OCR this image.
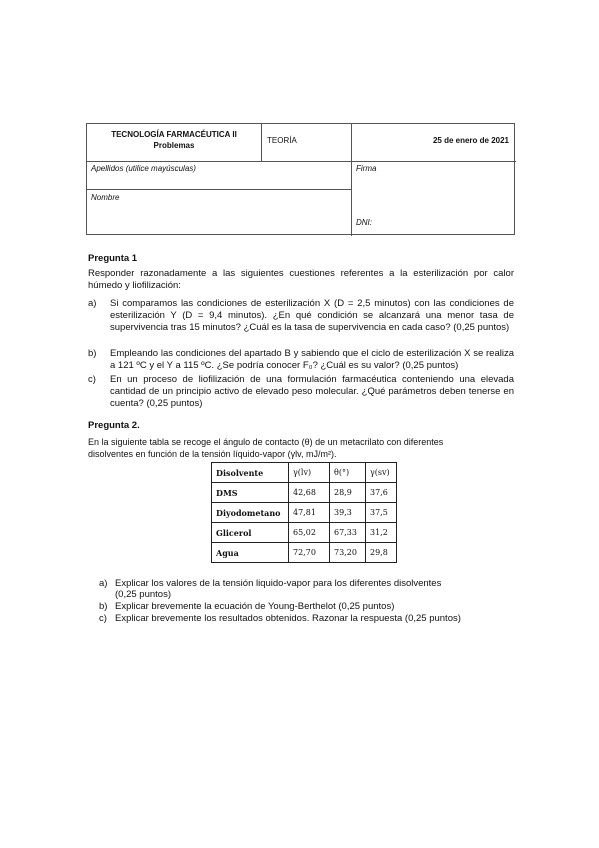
TECNOLOGÍA FARMACÉUTICA II
Problemas
TEORÍA	25 de enero de 2021
Apellidos (utilice mayúsculas)	Firma
Nombre
DNI:
Pregunta 1
Responder razonadamente a las siguientes cuestiones referentes a la esterilización por calor húmedo y liofilización:
a) Si comparamos las condiciones de esterilización X (D = 2,5 minutos) con las condiciones de esterilización Y (D = 9,4 minutos). ¿En qué condición se alcanzará una menor tasa de supervivencia tras 15 minutos? ¿Cuál es la tasa de supervivencia en cada caso? (0,25 puntos)
b) Empleando las condiciones del apartado B y sabiendo que el ciclo de esterilización X se realiza a 121 ºC y el Y a 115 ºC. ¿Se podría conocer F₀? ¿Cuál es su valor? (0,25 puntos)
c) En un proceso de liofilización de una formulación farmacéutica conteniendo una elevada cantidad de un principio activo de elevado peso molecular. ¿Qué parámetros deben tenerse en cuenta? (0,25 puntos)
Pregunta 2.
En la siguiente tabla se recoge el ángulo de contacto (θ) de un metacrilato con diferentes
disolventes en función de la tensión líquido-vapor (γlv, mJ/m²).
Disolvente	γ(lv)	θ(°)	γ(sv)
DMS	42,68	28,9	37,6
Diyodometano	47,81	39,3	37,5
Glicerol	65,02	67,33	31,2
Agua	72,70	73,20	29,8
a) Explicar los valores de la tensión liquido-vapor para los diferentes disolventes (0,25 puntos)
b) Explicar brevemente la ecuación de Young-Berthelot (0,25 puntos)
c) Explicar brevemente los resultados obtenidos. Razonar la respuesta (0,25 puntos)
